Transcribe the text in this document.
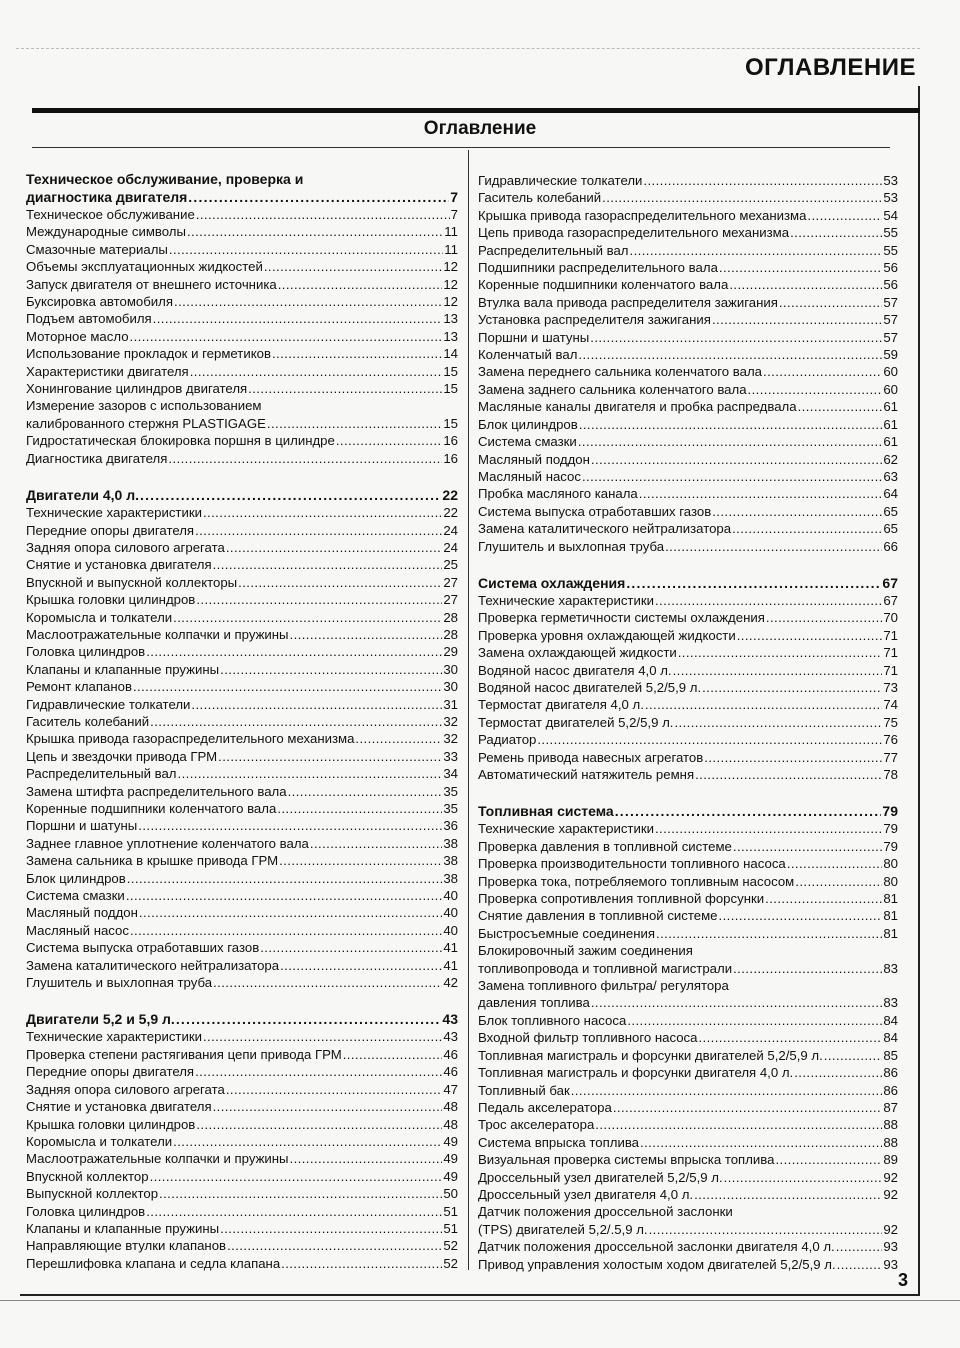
ОГЛАВЛЕНИЕ
Оглавление
Техническое обслуживание, проверка и
диагностика двигателя .....	7
Техническое обслуживание .....	7
Международные символы .....	11
Смазочные материалы .....	11
Объемы эксплуатационных жидкостей .....	12
Запуск двигателя от внешнего источника .....	12
Буксировка автомобиля .....	12
Подъем автомобиля .....	13
Моторное масло .....	13
Использование прокладок и герметиков .....	14
Характеристики двигателя .....	15
Хонингование цилиндров двигателя .....	15
Измерение зазоров с использованием
калиброванного стержня PLASTIGAGE .....	15
Гидростатическая блокировка поршня в цилиндре .....	16
Диагностика двигателя .....	16
Двигатели 4,0 л. .....	22
Технические характеристики .....	22
Передние опоры двигателя .....	24
Задняя опора силового агрегата .....	24
Снятие и установка двигателя .....	25
Впускной и выпускной коллекторы .....	27
Крышка головки цилиндров .....	27
Коромысла и толкатели .....	28
Маслоотражательные колпачки и пружины .....	28
Головка цилиндров .....	29
Клапаны и клапанные пружины .....	30
Ремонт клапанов .....	30
Гидравлические толкатели .....	31
Гаситель колебаний .....	32
Крышка привода газораспределительного механизма .....	32
Цепь и звездочки привода ГРМ .....	33
Распределительный вал .....	34
Замена штифта распределительного вала .....	35
Коренные подшипники коленчатого вала .....	35
Поршни и шатуны .....	36
Заднее главное уплотнение коленчатого вала .....	38
Замена сальника в крышке привода ГРМ .....	38
Блок цилиндров .....	38
Система смазки .....	40
Масляный поддон .....	40
Масляный насос .....	40
Система выпуска отработавших газов .....	41
Замена каталитического нейтрализатора .....	41
Глушитель и выхлопная труба .....	42
Двигатели 5,2 и 5,9 л. .....	43
Технические характеристики .....	43
Проверка степени растягивания цепи привода ГРМ .....	46
Передние опоры двигателя .....	46
Задняя опора силового агрегата .....	47
Снятие и установка двигателя .....	48
Крышка головки цилиндров .....	48
Коромысла и толкатели .....	49
Маслоотражательные колпачки и пружины .....	49
Впускной коллектор .....	49
Выпускной коллектор .....	50
Головка цилиндров .....	51
Клапаны и клапанные пружины .....	51
Направляющие втулки клапанов .....	52
Перешлифовка клапана и седла клапана .....	52
Гидравлические толкатели .....	53
Гаситель колебаний .....	53
Крышка привода газораспределительного механизма .....	54
Цепь привода газораспределительного механизма .....	55
Распределительный вал .....	55
Подшипники распределительного вала .....	56
Коренные подшипники коленчатого вала .....	56
Втулка вала привода распределителя зажигания .....	57
Установка распределителя зажигания .....	57
Поршни и шатуны .....	57
Коленчатый вал .....	59
Замена переднего сальника коленчатого вала .....	60
Замена заднего сальника коленчатого вала .....	60
Масляные каналы двигателя и пробка распредвала .....	61
Блок цилиндров .....	61
Система смазки .....	61
Масляный поддон .....	62
Масляный насос .....	63
Пробка масляного канала .....	64
Система выпуска отработавших газов .....	65
Замена каталитического нейтрализатора .....	65
Глушитель и выхлопная труба .....	66
Система охлаждения .....	67
Технические характеристики .....	67
Проверка герметичности системы охлаждения .....	70
Проверка уровня охлаждающей жидкости .....	71
Замена охлаждающей жидкости .....	71
Водяной насос двигателя 4,0 л. .....	71
Водяной насос двигателей 5,2/5,9 л. .....	73
Термостат двигателя 4,0 л. .....	74
Термостат двигателей 5,2/5,9 л. .....	75
Радиатор .....	76
Ремень привода навесных агрегатов .....	77
Автоматический натяжитель ремня .....	78
Топливная система .....	79
Технические характеристики .....	79
Проверка давления в топливной системе .....	79
Проверка производительности топливного насоса .....	80
Проверка тока, потребляемого топливным насосом .....	80
Проверка сопротивления топливной форсунки .....	81
Снятие давления в топливной системе .....	81
Быстросъемные соединения .....	81
Блокировочный зажим соединения
топливопровода и топливной магистрали .....	83
Замена топливного фильтра/ регулятора
давления топлива .....	83
Блок топливного насоса .....	84
Входной фильтр топливного насоса .....	84
Топливная магистраль и форсунки двигателей 5,2/5,9 л. .....	85
Топливная магистраль и форсунки двигателя 4,0 л. .....	86
Топливный бак .....	86
Педаль акселератора .....	87
Трос акселератора .....	88
Система впрыска топлива .....	88
Визуальная проверка системы впрыска топлива .....	89
Дроссельный узел двигателей 5,2/5,9 л. .....	92
Дроссельный узел двигателя 4,0 л. .....	92
Датчик положения дроссельной заслонки
(TPS) двигателей 5,2/.5,9 л. .....	92
Датчик положения дроссельной заслонки двигателя 4,0 л. .....	93
Привод управления холостым ходом двигателей 5,2/5,9 л. .....	93
3
